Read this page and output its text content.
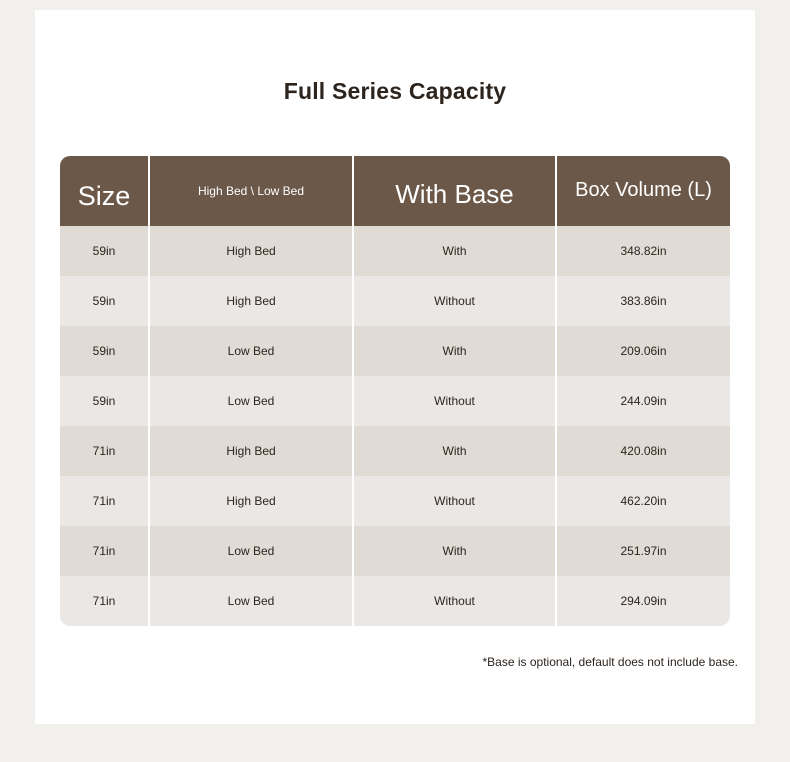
Full Series Capacity
Size	High Bed \ Low Bed	With Base	Box Volume (L)
59in	High Bed	With	348.82in
59in	High Bed	Without	383.86in
59in	Low Bed	With	209.06in
59in	Low Bed	Without	244.09in
71in	High Bed	With	420.08in
71in	High Bed	Without	462.20in
71in	Low Bed	With	251.97in
71in	Low Bed	Without	294.09in
*Base is optional, default does not include base.
